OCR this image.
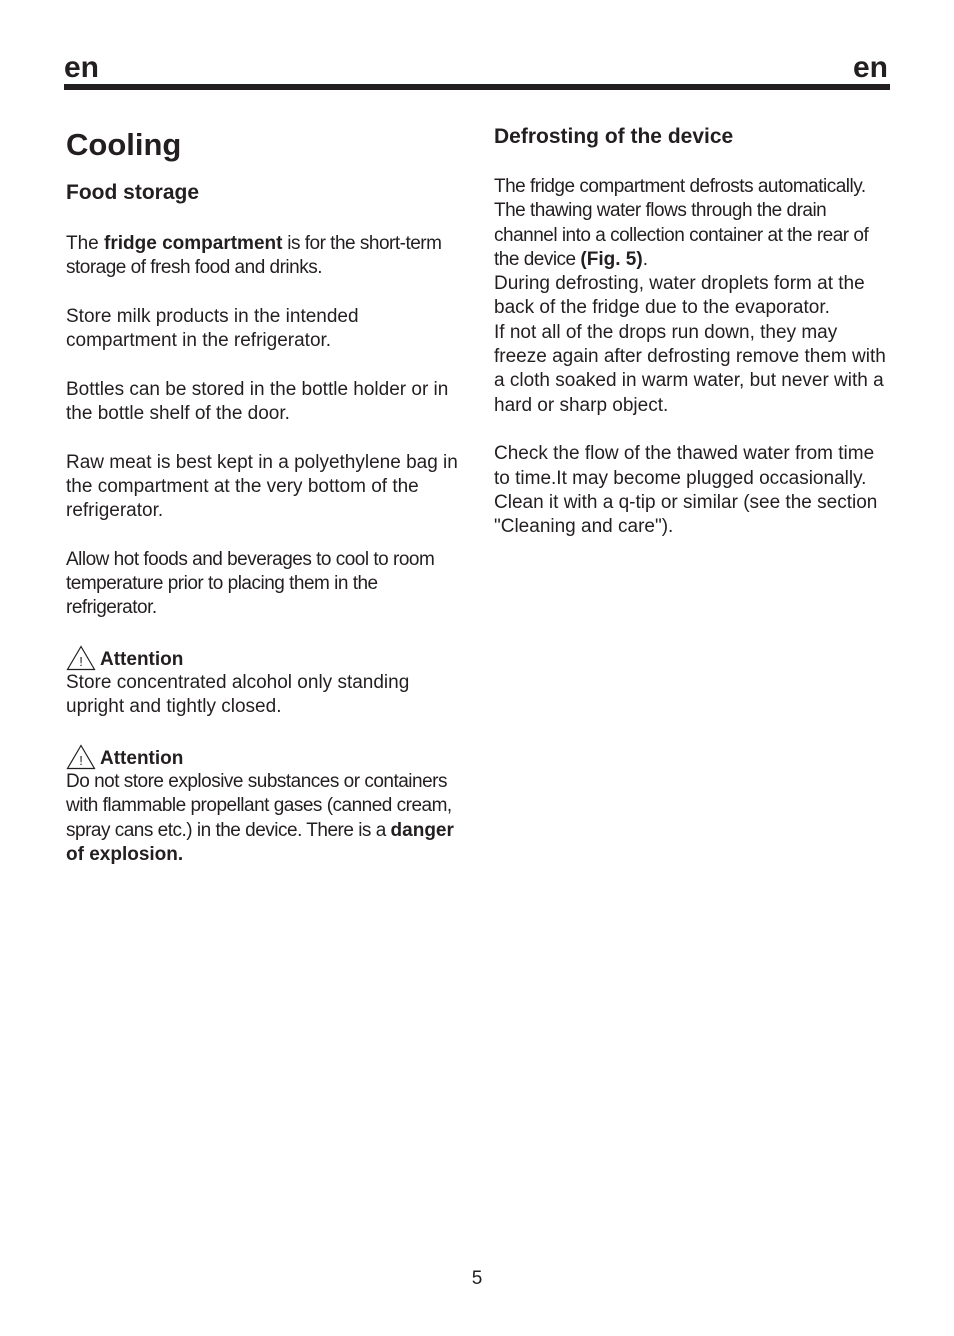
en	en
Cooling
Food storage

The fridge compartment is for the short-term storage of fresh food and drinks.

Store milk products in the intended compartment in the refrigerator.

Bottles can be stored in the bottle holder or in the bottle shelf of the door.

Raw meat is best kept in a polyethylene bag in the compartment at the very bottom of the refrigerator.

Allow hot foods and beverages to cool to room temperature prior to placing them in the refrigerator.

! Attention
Store concentrated alcohol only standing upright and tightly closed.
! Attention
Do not store explosive substances or containers with flammable propellant gases (canned cream, spray cans etc.) in the device. There is a danger of explosion.
Defrosting of the device
The fridge compartment defrosts automatically. The thawing water flows through the drain channel into a collection container at the rear of the device (Fig. 5).
During defrosting, water droplets form at the back of the fridge due to the evaporator.

If not all of the drops run down, they may freeze again after defrosting remove them with a cloth soaked in warm water, but never with a hard or sharp object.

Check the flow of the thawed water from time to time.It may become plugged occasionally. Clean it with a q-tip or similar (see the section "Cleaning and care").

5
